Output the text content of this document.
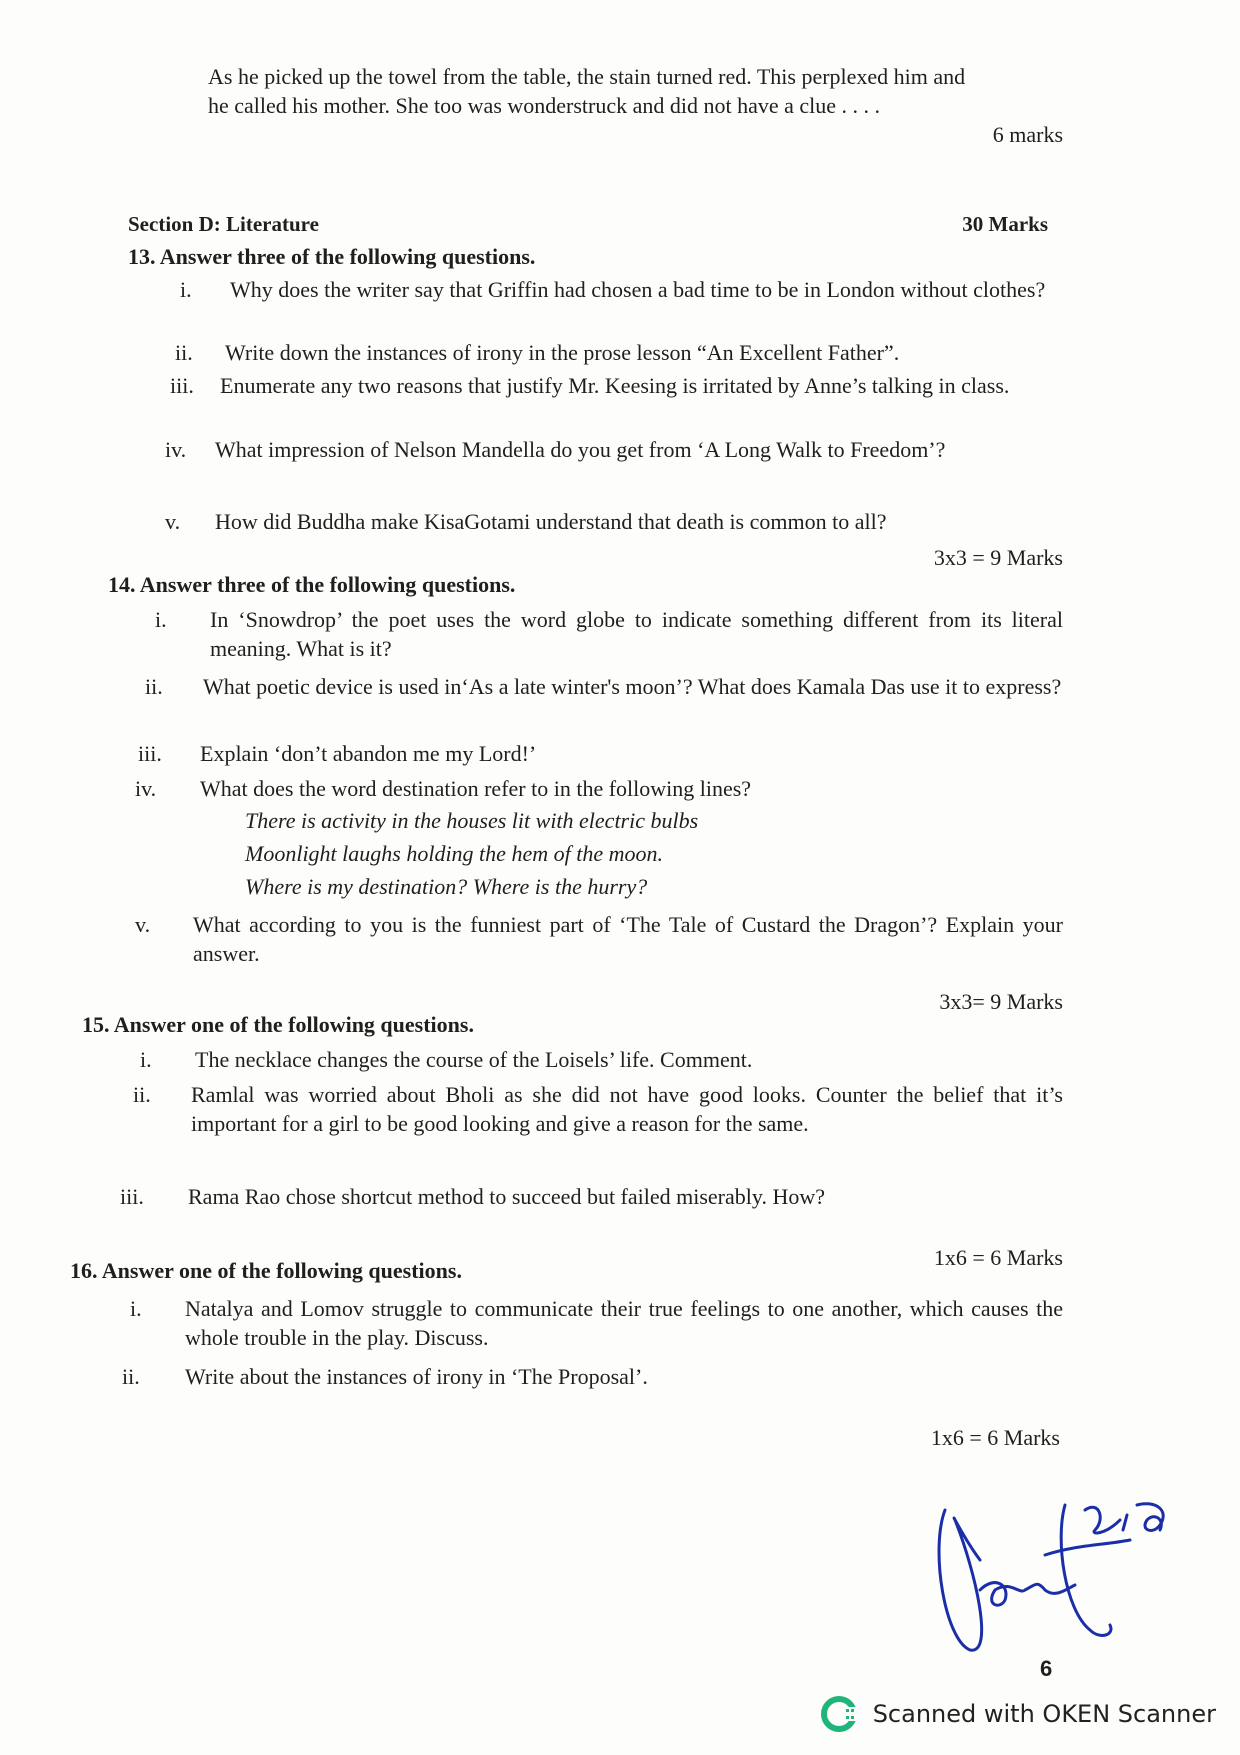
As he picked up the towel from the table, the stain turned red. This perplexed him and
he called his mother. She too was wonderstruck and did not have a clue . . . .
6 marks
Section D: Literature	30 Marks
13. Answer three of the following questions.
i.	Why does the writer say that Griffin had chosen a bad time to be in London without clothes?
ii.	Write down the instances of irony in the prose lesson “An Excellent Father”.
iii.	Enumerate any two reasons that justify Mr. Keesing is irritated by Anne’s talking in class.
iv.	What impression of Nelson Mandella do you get from ‘A Long Walk to Freedom’?
v.	How did Buddha make KisaGotami understand that death is common to all?
3x3 = 9 Marks
14. Answer three of the following questions.
i.	In ‘Snowdrop’ the poet uses the word globe to indicate something different from its literal meaning. What is it?
ii.	What poetic device is used in‘As a late winter's moon’? What does Kamala Das use it to express?
iii.	Explain ‘don’t abandon me my Lord!’
iv.	What does the word destination refer to in the following lines?
There is activity in the houses lit with electric bulbs
Moonlight laughs holding the hem of the moon.
Where is my destination? Where is the hurry?
v.	What according to you is the funniest part of ‘The Tale of Custard the Dragon’? Explain your answer.
3x3= 9 Marks
15. Answer one of the following questions.
i.	The necklace changes the course of the Loisels’ life. Comment.
ii.	Ramlal was worried about Bholi as she did not have good looks. Counter the belief that it’s important for a girl to be good looking and give a reason for the same.
iii.	Rama Rao chose shortcut method to succeed but failed miserably. How?
1x6 = 6 Marks
16. Answer one of the following questions.
i.	Natalya and Lomov struggle to communicate their true feelings to one another, which causes the whole trouble in the play. Discuss.
ii.	Write about the instances of irony in ‘The Proposal’.
1x6 = 6 Marks
6
Scanned with OKEN Scanner
